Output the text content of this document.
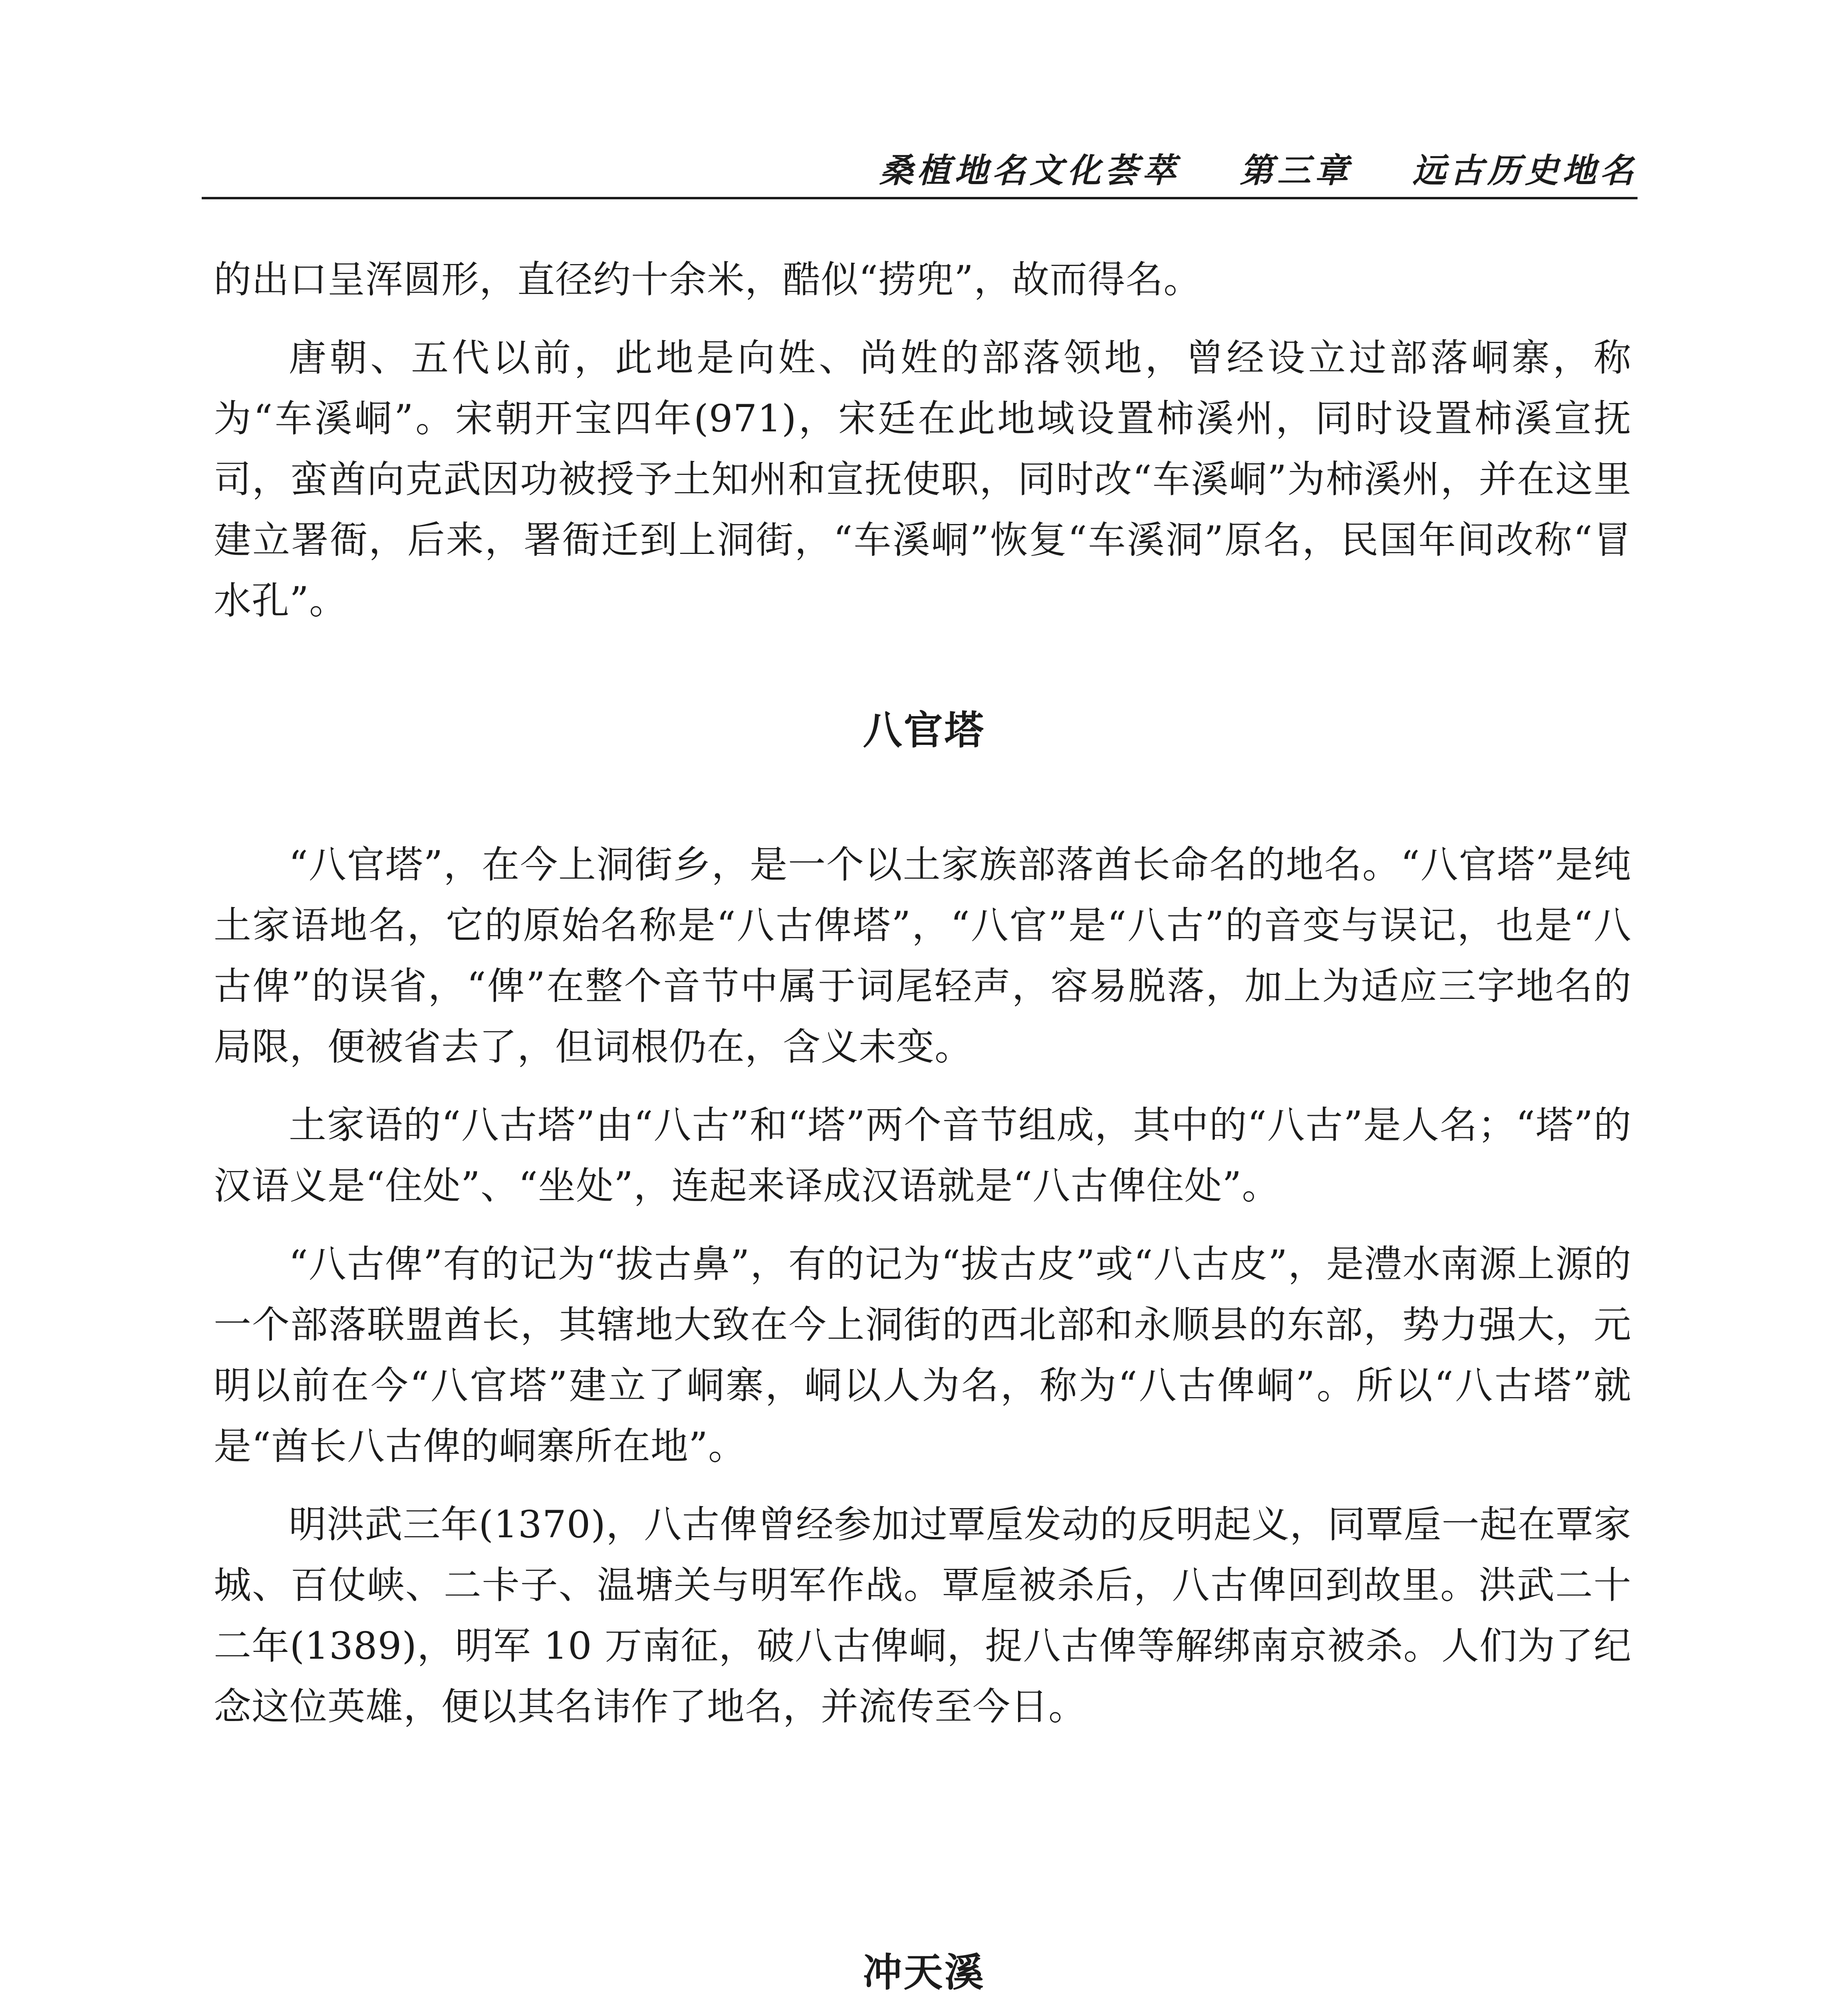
桑植地名文化荟萃 第三章 远古历史地名

的出口呈浑圆形，直径约十余米，酷似“捞兜”，故而得名。

唐朝、五代以前，此地是向姓、尚姓的部落领地，曾经设立过部落峒寨，称为“车溪峒”。宋朝开宝四年(971)，宋廷在此地域设置柿溪州，同时设置柿溪宣抚司，蛮酋向克武因功被授予土知州和宣抚使职，同时改“车溪峒”为柿溪州，并在这里建立署衙，后来，署衙迁到上洞街，“车溪峒”恢复“车溪洞”原名，民国年间改称“冒水孔”。

八官塔

“八官塔”，在今上洞街乡，是一个以土家族部落酋长命名的地名。“八官塔”是纯土家语地名，它的原始名称是“八古俾塔”，“八官”是“八古”的音变与误记，也是“八古俾”的误省，“俾”在整个音节中属于词尾轻声，容易脱落，加上为适应三字地名的局限，便被省去了，但词根仍在，含义未变。

土家语的“八古塔”由“八古”和“塔”两个音节组成，其中的“八古”是人名；“塔”的汉语义是“住处”、“坐处”，连起来译成汉语就是“八古俾住处”。

“八古俾”有的记为“拔古鼻”，有的记为“拔古皮”或“八古皮”，是澧水南源上源的一个部落联盟酋长，其辖地大致在今上洞街的西北部和永顺县的东部，势力强大，元明以前在今“八官塔”建立了峒寨，峒以人为名，称为“八古俾峒”。所以“八古塔”就是“酋长八古俾的峒寨所在地”。

明洪武三年(1370)，八古俾曾经参加过覃垕发动的反明起义，同覃垕一起在覃家城、百仗峡、二卡子、温塘关与明军作战。覃垕被杀后，八古俾回到故里。洪武二十二年(1389)，明军 10 万南征，破八古俾峒，捉八古俾等解绑南京被杀。人们为了纪念这位英雄，便以其名讳作了地名，并流传至今日。

冲天溪
